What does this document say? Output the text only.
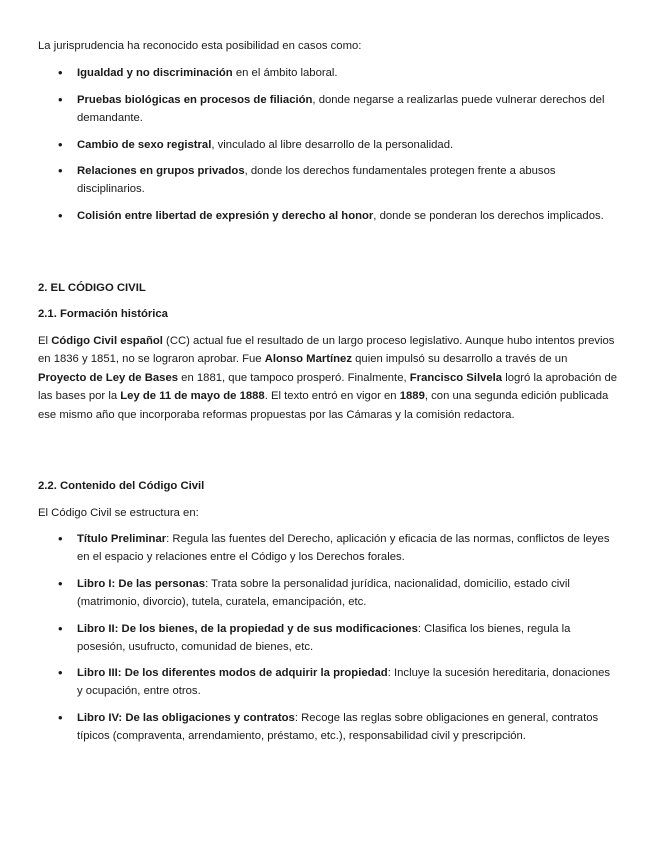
La jurisprudencia ha reconocido esta posibilidad en casos como:

• Igualdad y no discriminación en el ámbito laboral.
• Pruebas biológicas en procesos de filiación, donde negarse a realizarlas puede vulnerar derechos del demandante.
• Cambio de sexo registral, vinculado al libre desarrollo de la personalidad.
• Relaciones en grupos privados, donde los derechos fundamentales protegen frente a abusos disciplinarios.
• Colisión entre libertad de expresión y derecho al honor, donde se ponderan los derechos implicados.
2. EL CÓDIGO CIVIL
2.1. Formación histórica

El Código Civil español (CC) actual fue el resultado de un largo proceso legislativo. Aunque hubo intentos previos en 1836 y 1851, no se lograron aprobar. Fue Alonso Martínez quien impulsó su desarrollo a través de un Proyecto de Ley de Bases en 1881, que tampoco prosperó. Finalmente, Francisco Silvela logró la aprobación de las bases por la Ley de 11 de mayo de 1888. El texto entró en vigor en 1889, con una segunda edición publicada ese mismo año que incorporaba reformas propuestas por las Cámaras y la comisión redactora.

2.2. Contenido del Código Civil

El Código Civil se estructura en:

• Título Preliminar: Regula las fuentes del Derecho, aplicación y eficacia de las normas, conflictos de leyes en el espacio y relaciones entre el Código y los Derechos forales.
• Libro I: De las personas: Trata sobre la personalidad jurídica, nacionalidad, domicilio, estado civil (matrimonio, divorcio), tutela, curatela, emancipación, etc.
• Libro II: De los bienes, de la propiedad y de sus modificaciones: Clasifica los bienes, regula la posesión, usufructo, comunidad de bienes, etc.
• Libro III: De los diferentes modos de adquirir la propiedad: Incluye la sucesión hereditaria, donaciones y ocupación, entre otros.
• Libro IV: De las obligaciones y contratos: Recoge las reglas sobre obligaciones en general, contratos típicos (compraventa, arrendamiento, préstamo, etc.), responsabilidad civil y prescripción.
